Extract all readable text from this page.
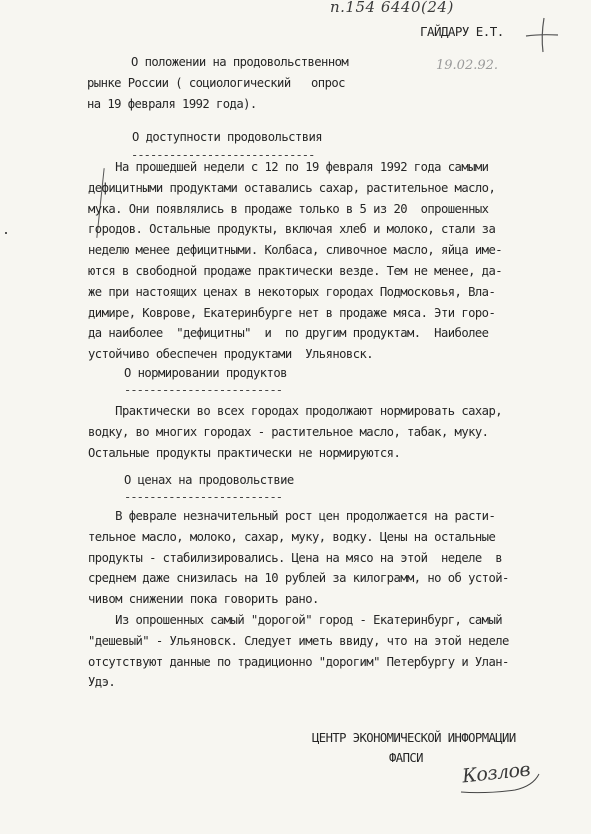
п.154 6440(24)
ГАЙДАРУ Е.Т.
19.02.92.
О положении на продовольственном
рынке России ( социологический   опрос
на 19 февраля 1992 года).
О доступности продовольствия
-----------------------------
На прошедшей недели с 12 по 19 февраля 1992 года самыми
дефицитными продуктами оставались сахар, растительное масло,
мука. Они появлялись в продаже только в 5 из 20  опрошенных
городов. Остальные продукты, включая хлеб и молоко, стали за
неделю менее дефицитными. Колбаса, сливочное масло, яйца име-
ются в свободной продаже практически везде. Тем не менее, да-
же при настоящих ценах в некоторых городах Подмосковья, Вла-
димире, Коврове, Екатеринбурге нет в продаже мяса. Эти горо-
да наиболее  "дефицитны"  и  по другим продуктам.  Наиболее
устойчиво обеспечен продуктами  Ульяновск.
О нормировании продуктов
-------------------------
Практически во всех городах продолжают нормировать сахар,
водку, во многих городах - растительное масло, табак, муку.
Остальные продукты практически не нормируются.
О ценах на продовольствие
-------------------------
В феврале незначительный рост цен продолжается на расти-
тельное масло, молоко, сахар, муку, водку. Цены на остальные
продукты - стабилизировались. Цена на мясо на этой  неделе  в
среднем даже снизилась на 10 рублей за килограмм, но об устой-
чивом снижении пока говорить рано.
Из опрошенных самый "дорогой" город - Екатеринбург, самый
"дешевый" - Ульяновск. Следует иметь ввиду, что на этой неделе
отсутствуют данные по традиционно "дорогим" Петербургу и Улан-
Удэ.
ЦЕНТР ЭКОНОМИЧЕСКОЙ ИНФОРМАЦИИ
ФАПСИ
Козлов
